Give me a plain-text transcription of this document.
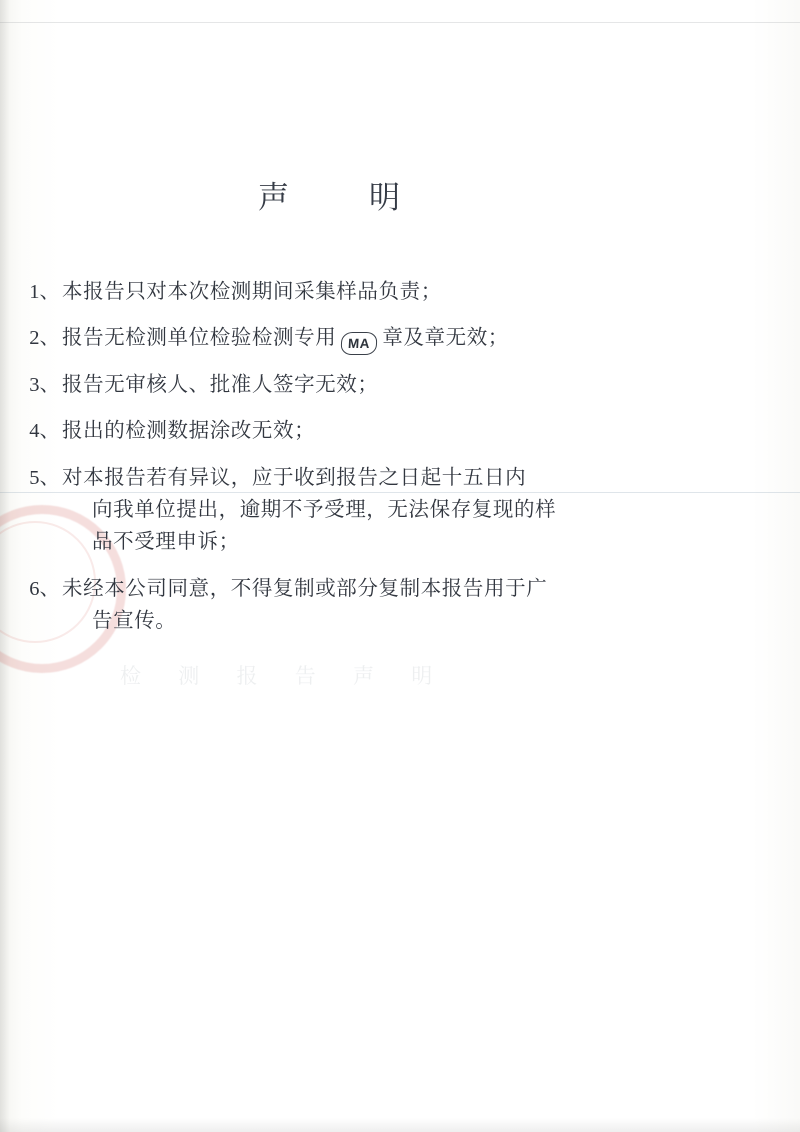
检 测 报 告 声 明
声        明
1、 本报告只对本次检测期间采集样品负责；
2、 报告无检测单位检验检测专用 MA 章及章无效；
3、 报告无审核人、批准人签字无效；
4、 报出的检测数据涂改无效；
5、 对本报告若有异议，应于收到报告之日起十五日内
向我单位提出，逾期不予受理，无法保存复现的样
品不受理申诉；
6、 未经本公司同意，不得复制或部分复制本报告用于广
告宣传。
